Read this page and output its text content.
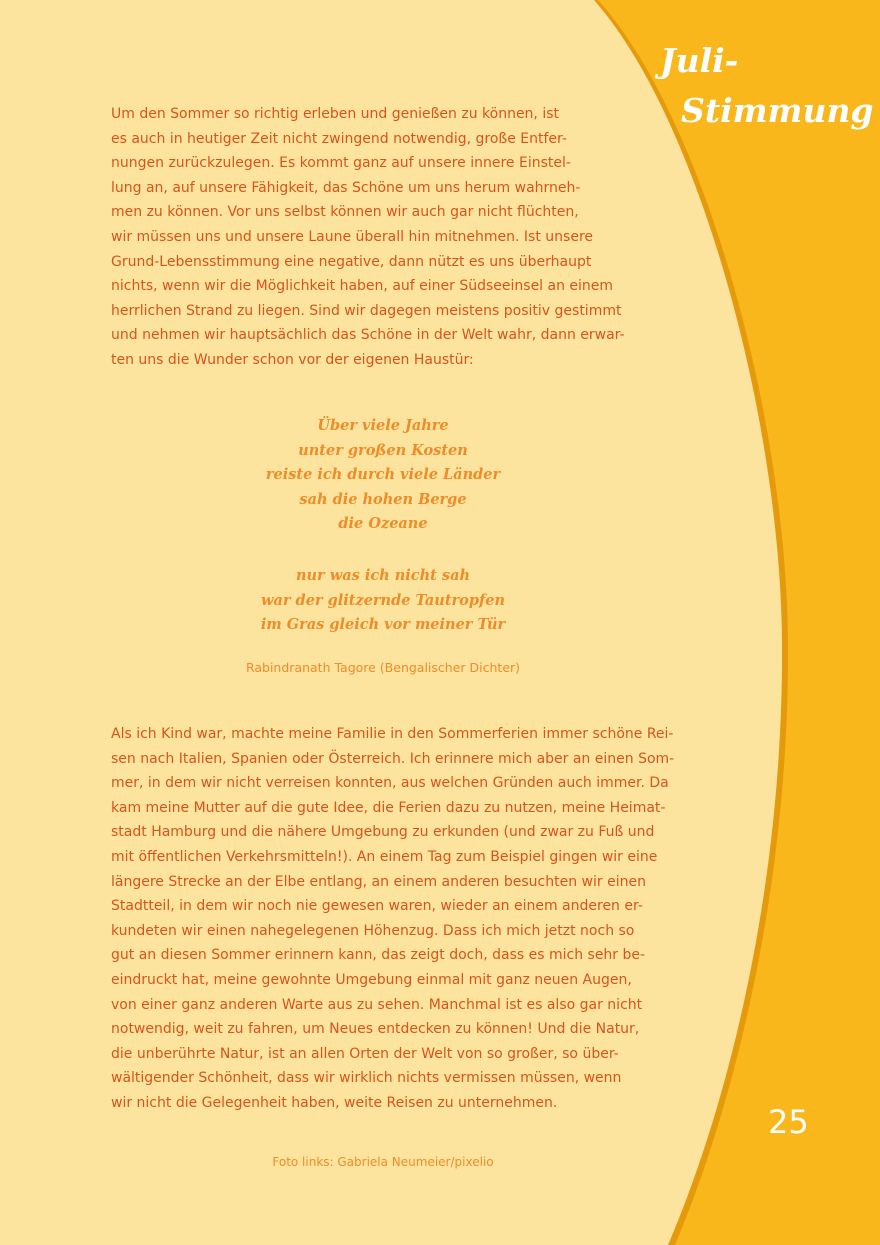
Juli-
Stimmung

Um den Sommer so richtig erleben und genießen zu können, ist
es auch in heutiger Zeit nicht zwingend notwendig, große Entfer-
nungen zurückzulegen. Es kommt ganz auf unsere innere Einstel-
lung an, auf unsere Fähigkeit, das Schöne um uns herum wahrneh-
men zu können. Vor uns selbst können wir auch gar nicht flüchten,
wir müssen uns und unsere Laune überall hin mitnehmen. Ist unsere
Grund-Lebensstimmung eine negative, dann nützt es uns überhaupt
nichts, wenn wir die Möglichkeit haben, auf einer Südseeinsel an einem
herrlichen Strand zu liegen. Sind wir dagegen meistens positiv gestimmt
und nehmen wir hauptsächlich das Schöne in der Welt wahr, dann erwar-
ten uns die Wunder schon vor der eigenen Haustür:

Über viele Jahre
unter großen Kosten
reiste ich durch viele Länder
sah die hohen Berge
die Ozeane
nur was ich nicht sah
war der glitzernde Tautropfen
im Gras gleich vor meiner Tür

Rabindranath Tagore (Bengalischer Dichter)

Als ich Kind war, machte meine Familie in den Sommerferien immer schöne Rei-
sen nach Italien, Spanien oder Österreich. Ich erinnere mich aber an einen Som-
mer, in dem wir nicht verreisen konnten, aus welchen Gründen auch immer. Da
kam meine Mutter auf die gute Idee, die Ferien dazu zu nutzen, meine Heimat-
stadt Hamburg und die nähere Umgebung zu erkunden (und zwar zu Fuß und
mit öffentlichen Verkehrsmitteln!). An einem Tag zum Beispiel gingen wir eine
längere Strecke an der Elbe entlang, an einem anderen besuchten wir einen
Stadtteil, in dem wir noch nie gewesen waren, wieder an einem anderen er-
kundeten wir einen nahegelegenen Höhenzug. Dass ich mich jetzt noch so
gut an diesen Sommer erinnern kann, das zeigt doch, dass es mich sehr be-
eindruckt hat, meine gewohnte Umgebung einmal mit ganz neuen Augen,
von einer ganz anderen Warte aus zu sehen. Manchmal ist es also gar nicht
notwendig, weit zu fahren, um Neues entdecken zu können! Und die Natur,
die unberührte Natur, ist an allen Orten der Welt von so großer, so über-
wältigender Schönheit, dass wir wirklich nichts vermissen müssen, wenn
wir nicht die Gelegenheit haben, weite Reisen zu unternehmen.

Foto links: Gabriela Neumeier/pixelio

25
